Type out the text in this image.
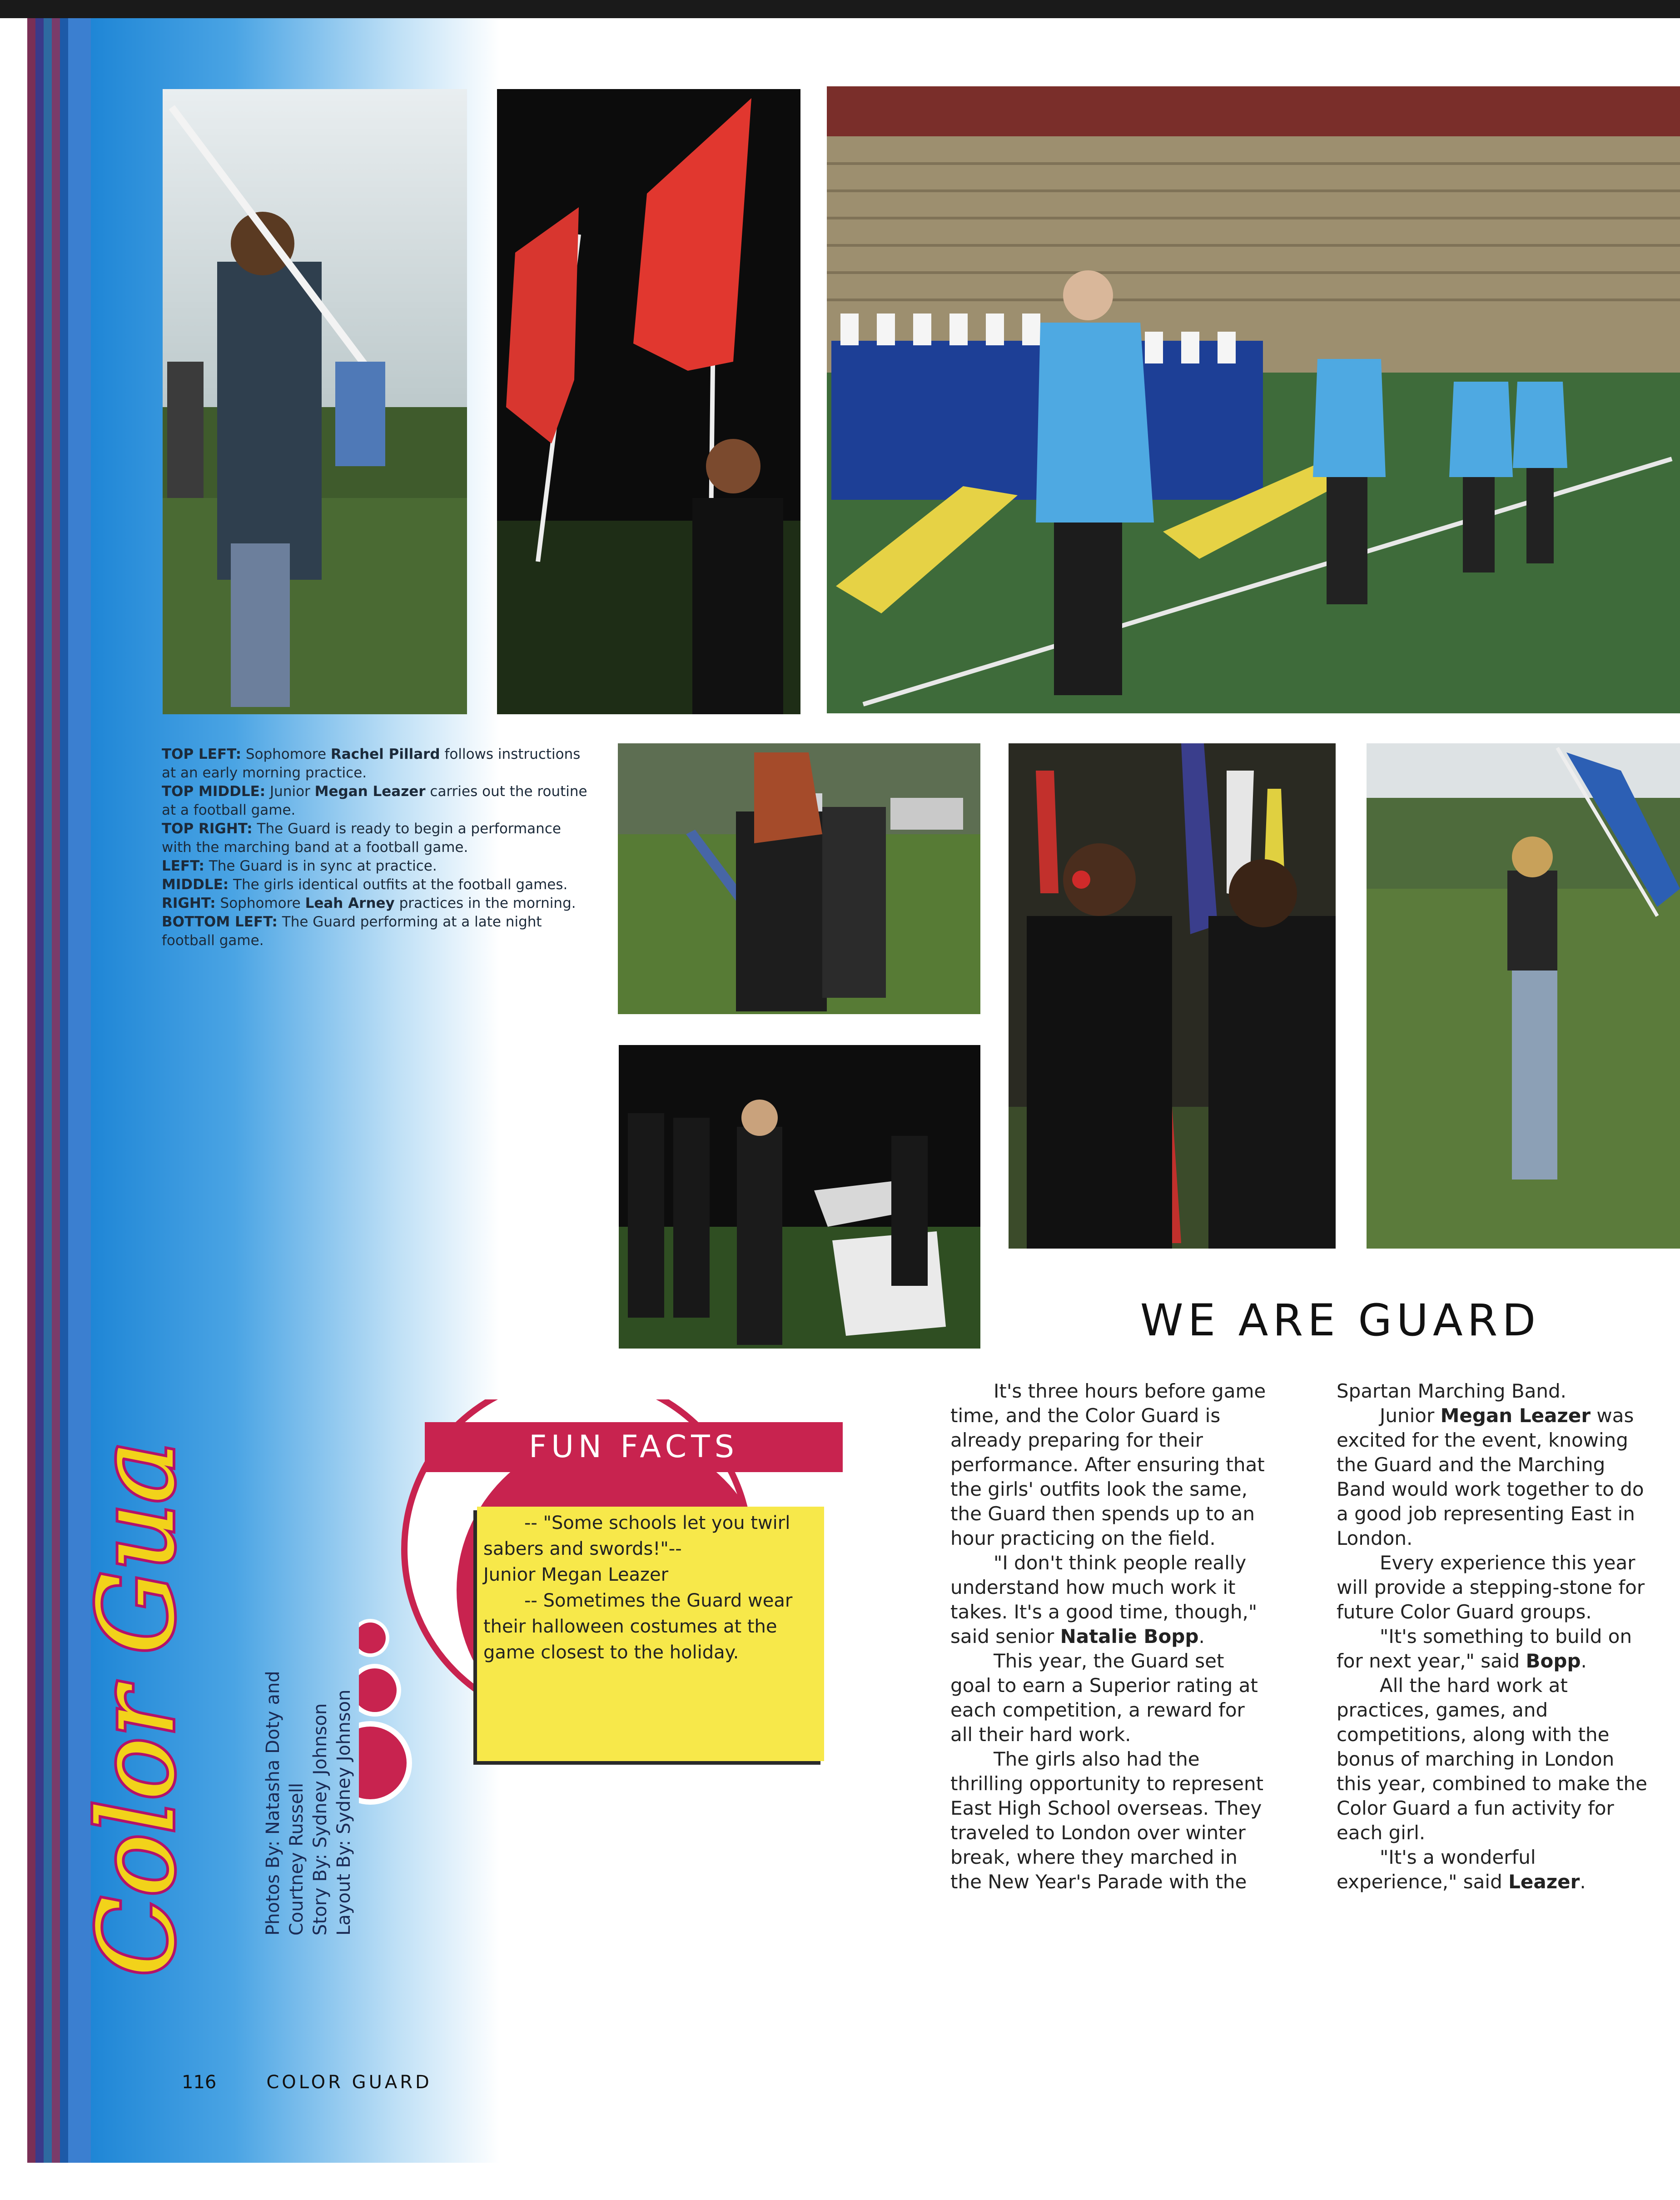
TOP LEFT: Sophomore Rachel Pillard follows instructions at an early morning practice.

TOP MIDDLE: Junior Megan Leazer carries out the routine at a football game.

TOP RIGHT: The Guard is ready to begin a performance with the marching band at a football game.

LEFT: The Guard is in sync at practice.

MIDDLE: The girls identical outfits at the football games.

RIGHT: Sophomore Leah Arney practices in the morning.

BOTTOM LEFT: The Guard performing at a late night football game.

Color Guard	Photos By: Natasha Doty and Courtney Russell Story By: Sydney Johnson Layout By: Sydney Johnson

116	COLOR GUARD
FUN FACTS

-- "Some schools let you twirl sabers and swords!"--

Junior Megan Leazer

-- Sometimes the Guard wear their halloween costumes at the game closest to the holiday.

WE ARE GUARD

It's three hours before game time, and the Color Guard is already preparing for their performance. After ensuring that the girls' outfits look the same, the Guard then spends up to an hour practicing on the field.

"I don't think people really understand how much work it takes. It's a good time, though," said senior Natalie Bopp.

This year, the Guard set goal to earn a Superior rating at each competition, a reward for all their hard work.

The girls also had the thrilling opportunity to represent East High School overseas. They traveled to London over winter break, where they marched in the New Year's Parade with the

Spartan Marching Band.

Junior Megan Leazer was excited for the event, knowing the Guard and the Marching Band would work together to do a good job representing East in London.

Every experience this year will provide a stepping-stone for future Color Guard groups.

"It's something to build on for next year," said Bopp.

All the hard work at practices, games, and competitions, along with the bonus of marching in London this year, combined to make the Color Guard a fun activity for each girl.

"It's a wonderful experience," said Leazer.
